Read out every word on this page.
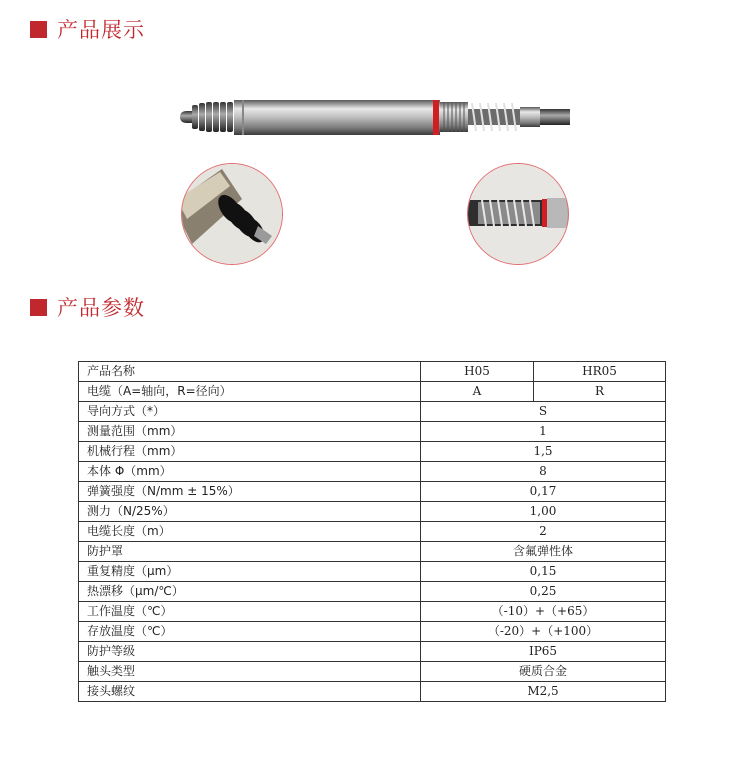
产品展示
产品参数
产品名称	H05	HR05
电缆（A=轴向，R=径向）	A	R
导向方式（*）	S	
测量范围（mm）	1	
机械行程（mm）	1,5	
本体 Φ（mm）	8	
弹簧强度（N/mm ± 15%）	0,17	
测力（N/25%）	1,00	
电缆长度（m）	2	
防护罩	含氟弹性体	
重复精度（μm）	0,15	
热漂移（μm/℃）	0,25	
工作温度（℃）	（-10）+（+65）	
存放温度（℃）	（-20）+（+100）	
防护等级	IP65	
触头类型	硬质合金	
接头螺纹	M2,5	
